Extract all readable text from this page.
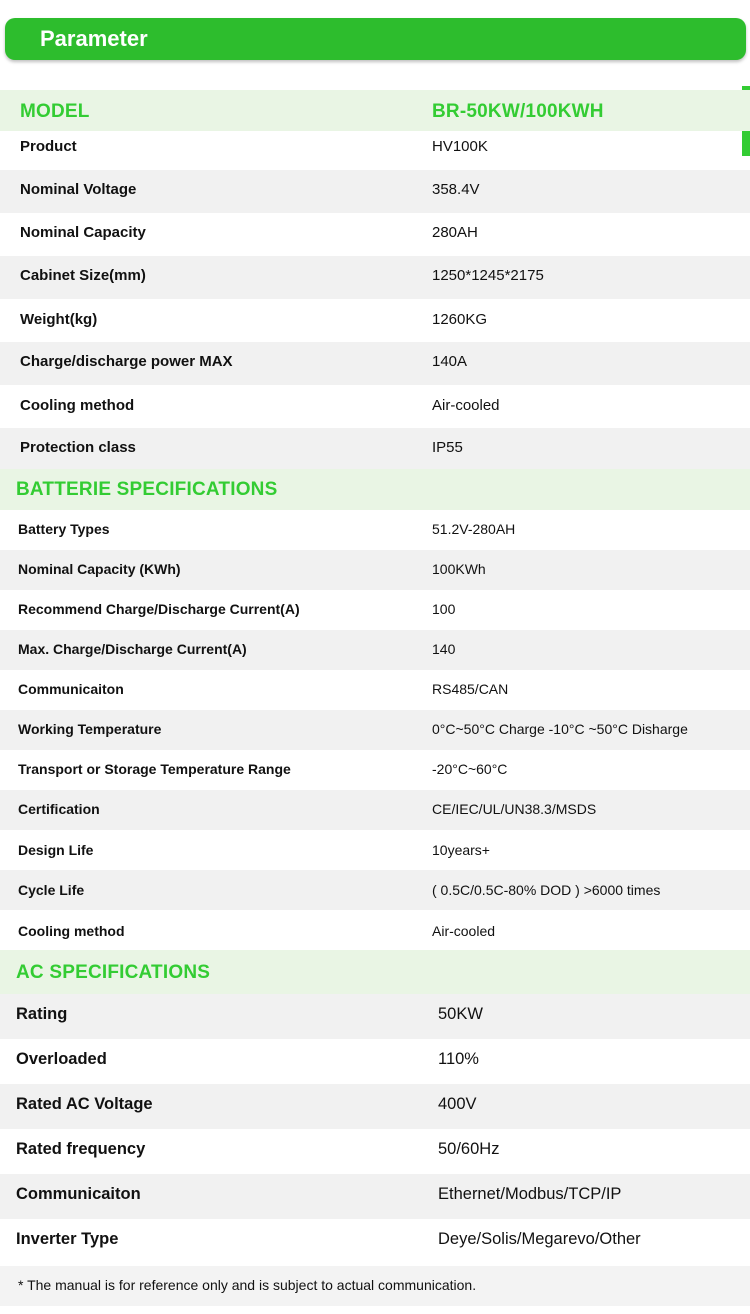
Parameter
MODEL	BR-50KW/100KWH
Product	HV100K
Nominal Voltage	358.4V
Nominal Capacity	280AH
Cabinet Size(mm)	1250*1245*2175
Weight(kg)	1260KG
Charge/discharge power MAX	140A
Cooling method	Air-cooled
Protection class	IP55
BATTERIE SPECIFICATIONS
Battery Types	51.2V-280AH
Nominal Capacity (KWh)	100KWh
Recommend Charge/Discharge Current(A)	100
Max. Charge/Discharge Current(A)	140
Communicaiton	RS485/CAN
Working Temperature	0°C~50°C Charge -10°C ~50°C Disharge
Transport or Storage Temperature Range	-20°C~60°C
Certification	CE/IEC/UL/UN38.3/MSDS
Design Life	10years+
Cycle Life	( 0.5C/0.5C-80% DOD ) >6000 times
Cooling method	Air-cooled
AC SPECIFICATIONS
Rating	50KW
Overloaded	110%
Rated AC Voltage	400V
Rated frequency	50/60Hz
Communicaiton	Ethernet/Modbus/TCP/IP
Inverter Type	Deye/Solis/Megarevo/Other
* The manual is for reference only and is subject to actual communication.
